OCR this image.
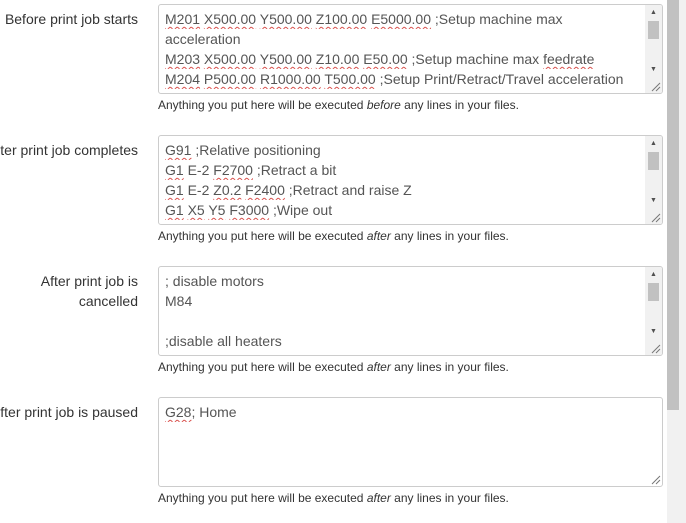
Before print job starts M201 X500.00 Y500.00 Z100.00 E5000.00 ;Setup machine max
acceleration
M203 X500.00 Y500.00 Z10.00 E50.00 ;Setup machine max feedrate
M204 P500.00 R1000.00 T500.00 ;Setup Print/Retract/Travel acceleration
▲
▼
Anything you put here will be executed before any lines in your files.
ter print job completes G91 ;Relative positioning
G1 E-2 F2700 ;Retract a bit
G1 E-2 Z0.2 F2400 ;Retract and raise Z
G1 X5 Y5 F3000 ;Wipe out
▲
▼
Anything you put here will be executed after any lines in your files.
After print job is cancelled
; disable motors
M84
;disable all heaters
▲
▼
Anything you put here will be executed after any lines in your files.
fter print job is paused G28; Home
Anything you put here will be executed after any lines in your files.
